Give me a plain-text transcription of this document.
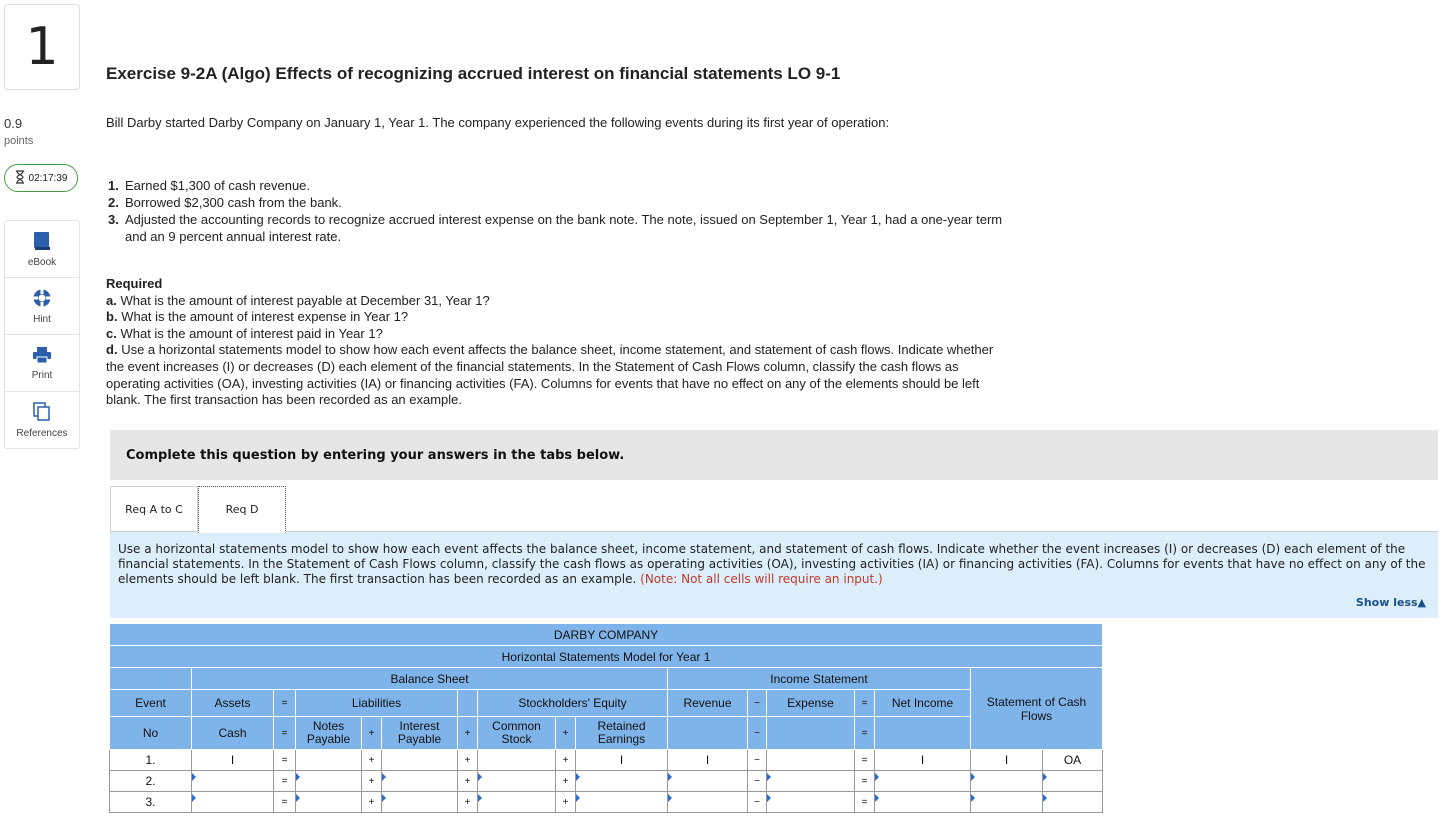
1
0.9
points
02:17:39
eBook
Hint
Print
References
Exercise 9-2A (Algo) Effects of recognizing accrued interest on financial statements LO 9-1
Bill Darby started Darby Company on January 1, Year 1. The company experienced the following events during its first year of operation:
1. Earned $1,300 of cash revenue.
2. Borrowed $2,300 cash from the bank.
3. Adjusted the accounting records to recognize accrued interest expense on the bank note. The note, issued on September 1, Year 1, had a one-year term and an 9 percent annual interest rate.
Required
a. What is the amount of interest payable at December 31, Year 1?
b. What is the amount of interest expense in Year 1?
c. What is the amount of interest paid in Year 1?
d. Use a horizontal statements model to show how each event affects the balance sheet, income statement, and statement of cash flows. Indicate whether the event increases (I) or decreases (D) each element of the financial statements. In the Statement of Cash Flows column, classify the cash flows as operating activities (OA), investing activities (IA) or financing activities (FA). Columns for events that have no effect on any of the elements should be left blank. The first transaction has been recorded as an example.
Complete this question by entering your answers in the tabs below.
Req A to C	Req D
Use a horizontal statements model to show how each event affects the balance sheet, income statement, and statement of cash flows. Indicate whether the event increases (I) or decreases (D) each element of the financial statements. In the Statement of Cash Flows column, classify the cash flows as operating activities (OA), investing activities (IA) or financing activities (FA). Columns for events that have no effect on any of the elements should be left blank. The first transaction has been recorded as an example. (Note: Not all cells will require an input.)
Show less▲
DARBY COMPANY																
Horizontal Statements Model for Year 1																
	Balance Sheet									Income Statement					Statement of Cash Flows	
Event	Assets	=	Liabilities				Stockholders' Equity			Revenue	−	Expense	=	Net Income		
No	Cash	=	Notes Payable	+	Interest Payable	+	Common Stock	+	Retained Earnings		−		=			
1.	I	=		+		+		+	I	I	−		=	I	I	OA
2.		=		+		+		+			−		=	

3.		=		+		+		+			−		=	
